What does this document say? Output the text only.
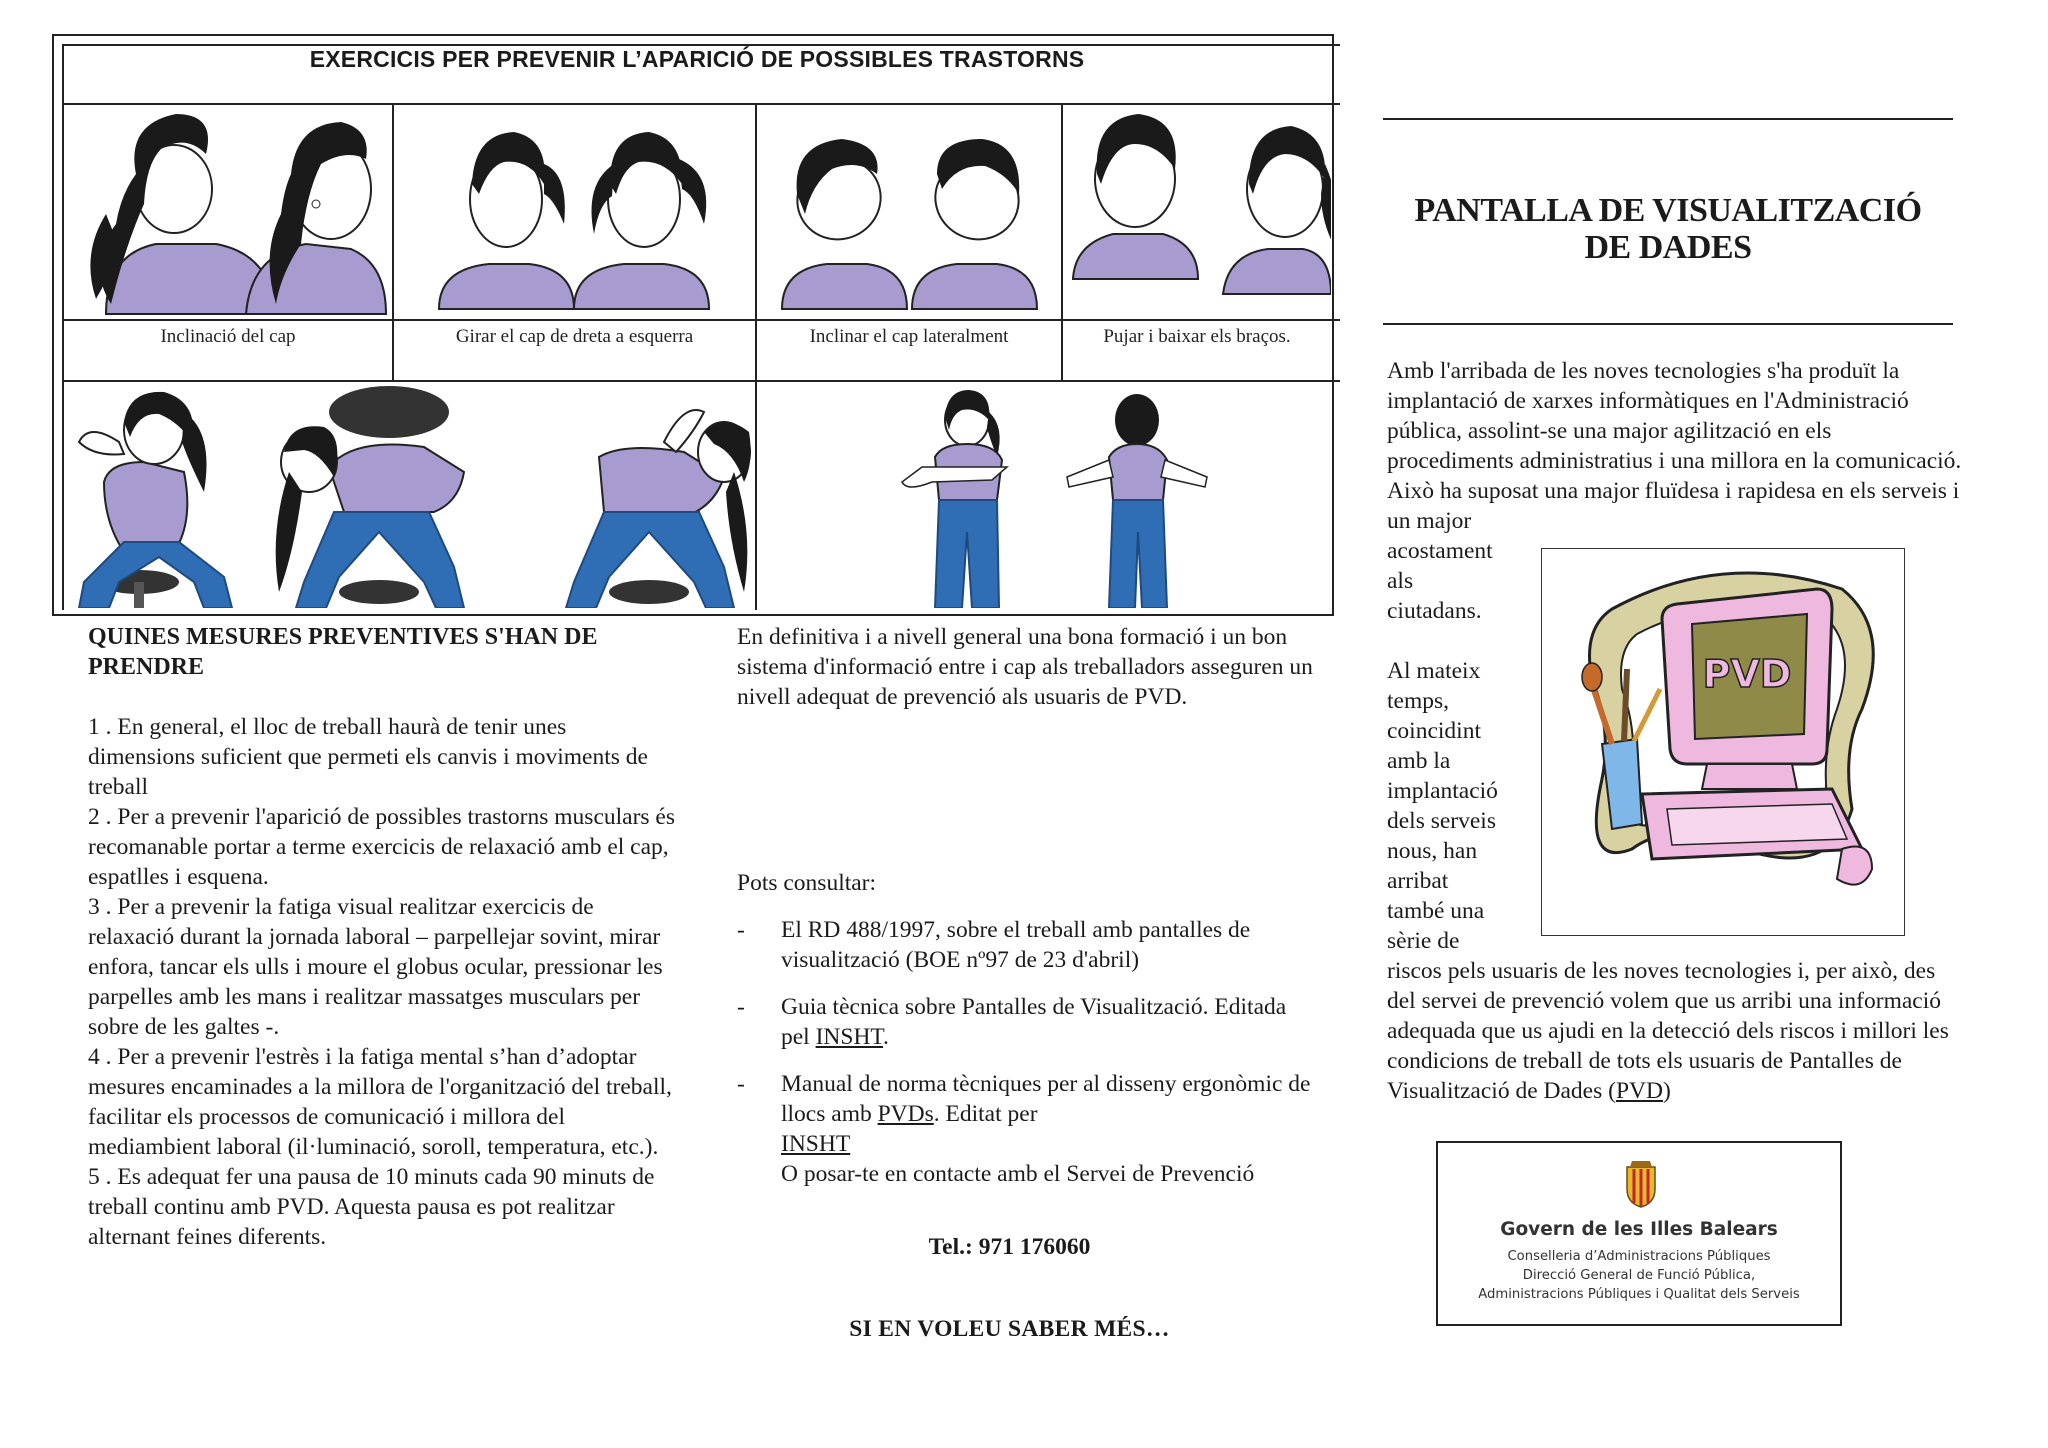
EXERCICIS PER PREVENIR L’APARICIÓ DE POSSIBLES TRASTORNS
Inclinació del cap	Girar el cap de dreta a esquerra	Inclinar el cap lateralment	Pujar i baixar els braços.

QUINES MESURES PREVENTIVES S'HAN DE PRENDRE

1 . En general, el lloc de treball haurà de tenir unes dimensions suficient que permeti els canvis i moviments de treball

2 . Per a prevenir l'aparició de possibles trastorns musculars és recomanable portar a terme exercicis de relaxació amb el cap, espatlles i esquena.

3 . Per a prevenir la fatiga visual realitzar exercicis de relaxació durant la jornada laboral – parpellejar sovint, mirar enfora, tancar els ulls i moure el globus ocular, pressionar les parpelles amb les mans i realitzar massatges musculars per sobre de les galtes -.

4 . Per a prevenir l'estrès i la fatiga mental s’han d’adoptar mesures encaminades a la millora de l'organització del treball, facilitar els processos de comunicació i millora del mediambient laboral (il·luminació, soroll, temperatura, etc.).

5 . Es adequat fer una pausa de 10 minuts cada 90 minuts de treball continu amb PVD. Aquesta pausa es pot realitzar alternant feines diferents.

En definitiva i a nivell general una bona formació i un bon sistema d'informació entre i cap als treballadors asseguren un nivell adequat de prevenció als usuaris de PVD.

Pots consultar:

- El RD 488/1997, sobre el treball amb pantalles de visualització (BOE nº97 de 23 d'abril)
- Guia tècnica sobre Pantalles de Visualització. Editada pel INSHT.
- Manual de norma tècniques per al disseny ergonòmic de llocs amb PVDs. Editat per
INSHT
O posar-te en contacte amb el Servei de Prevenció
Tel.: 971 176060
SI EN VOLEU SABER MÉS…
PANTALLA DE VISUALITZACIÓ
DE DADES

Amb l'arribada de les noves tecnologies s'ha produït la implantació de xarxes informàtiques en l'Administració pública, assolint-se una major agilització en els procediments administratius i una millora en la comunicació. Això ha suposat una major fluïdesa i rapidesa en els serveis i un major

acostament

als

ciutadans.

Al mateix

temps,

coincidint

amb la

implantació

dels serveis

nous, han

arribat

també una

sèrie de

riscos pels usuaris de les noves tecnologies i, per això, des del servei de prevenció volem que us arribi una informació adequada que us ajudi en la detecció dels riscos i millori les condicions de treball de tots els usuaris de Pantalles de Visualització de Dades (PVD)

PVD
Govern de les Illes Balears
Conselleria d’Administracions Públiques
Direcció General de Funció Pública,
Administracions Públiques i Qualitat dels Serveis
